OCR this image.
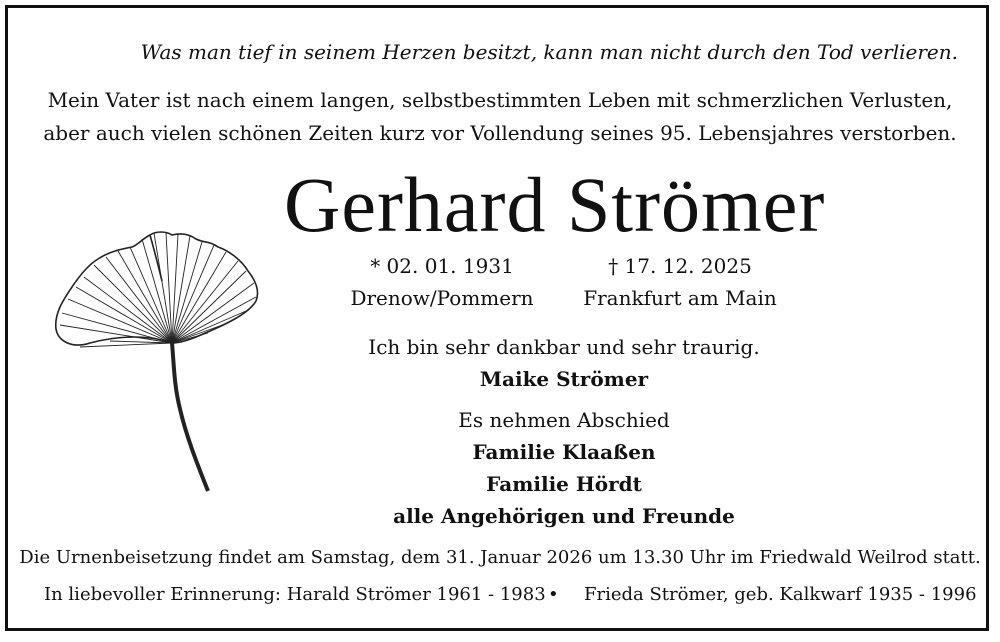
Was man tief in seinem Herzen besitzt, kann man nicht durch den Tod verlieren.
Mein Vater ist nach einem langen, selbstbestimmten Leben mit schmerzlichen Verlusten,
aber auch vielen schönen Zeiten kurz vor Vollendung seines 95. Lebensjahres verstorben.
Gerhard Strömer
* 02. 01. 1931
Drenow/Pommern
† 17. 12. 2025
Frankfurt am Main
Ich bin sehr dankbar und sehr traurig.
Maike Strömer
Es nehmen Abschied
Familie Klaaßen
Familie Hördt
alle Angehörigen und Freunde
Die Urnenbeisetzung findet am Samstag, dem 31. Januar 2026 um 13.30 Uhr im Friedwald Weilrod statt.
In liebevoller Erinnerung: Harald Strömer 1961 - 1983 • Frieda Strömer, geb. Kalkwarf 1935 - 1996
